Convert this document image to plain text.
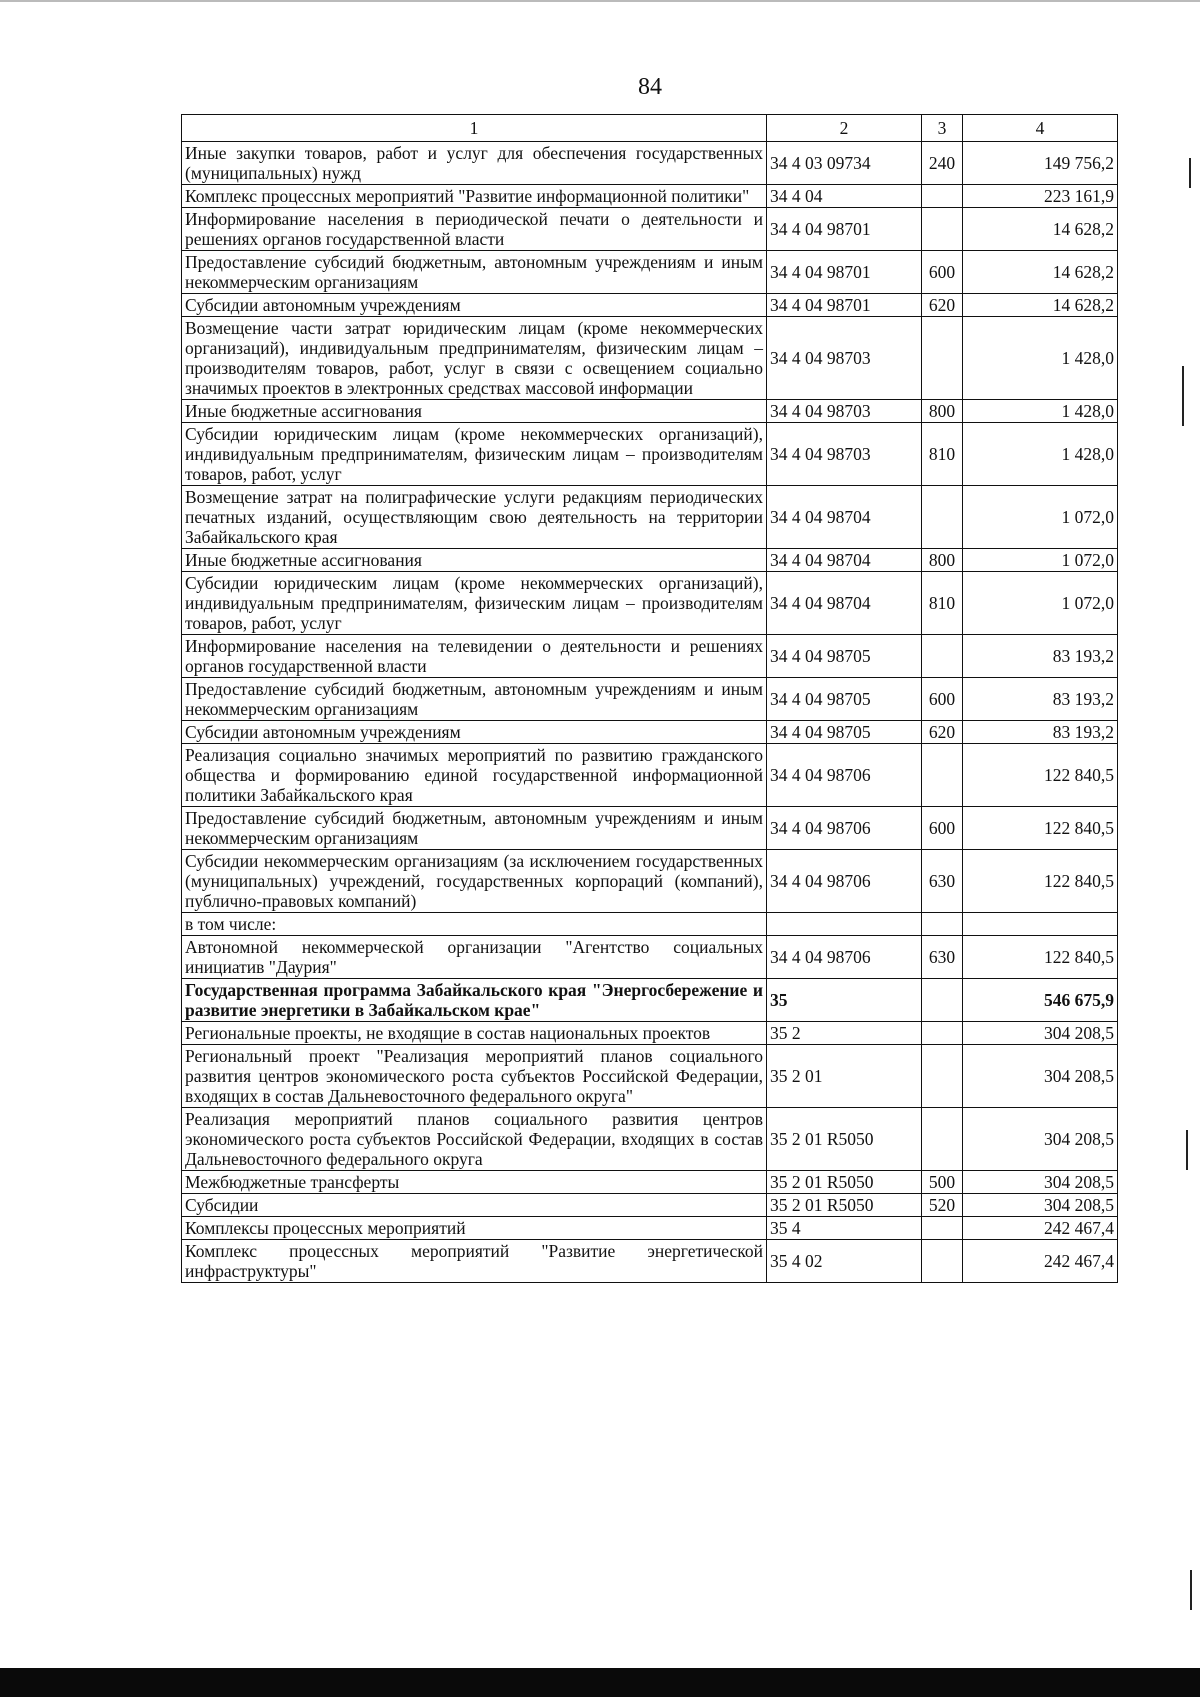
84
1	2	3	4
Иные закупки товаров, работ и услуг для обеспечения государственных (муниципальных) нужд	34 4 03 09734	240	149 756,2
Комплекс процессных мероприятий "Развитие информационной политики"	34 4 04		223 161,9
Информирование населения в периодической печати о деятельности и решениях органов государственной власти	34 4 04 98701		14 628,2
Предоставление субсидий бюджетным, автономным учреждениям и иным некоммерческим организациям	34 4 04 98701	600	14 628,2
Субсидии автономным учреждениям	34 4 04 98701	620	14 628,2
Возмещение части затрат юридическим лицам (кроме некоммерческих организаций), индивидуальным предпринимателям, физическим лицам – производителям товаров, работ, услуг в связи с освещением социально значимых проектов в электронных средствах массовой информации	34 4 04 98703		1 428,0
Иные бюджетные ассигнования	34 4 04 98703	800	1 428,0
Субсидии юридическим лицам (кроме некоммерческих организаций), индивидуальным предпринимателям, физическим лицам – производителям товаров, работ, услуг	34 4 04 98703	810	1 428,0
Возмещение затрат на полиграфические услуги редакциям периодических печатных изданий, осуществляющим свою деятельность на территории Забайкальского края	34 4 04 98704		1 072,0
Иные бюджетные ассигнования	34 4 04 98704	800	1 072,0
Субсидии юридическим лицам (кроме некоммерческих организаций), индивидуальным предпринимателям, физическим лицам – производителям товаров, работ, услуг	34 4 04 98704	810	1 072,0
Информирование населения на телевидении о деятельности и решениях органов государственной власти	34 4 04 98705		83 193,2
Предоставление субсидий бюджетным, автономным учреждениям и иным некоммерческим организациям	34 4 04 98705	600	83 193,2
Субсидии автономным учреждениям	34 4 04 98705	620	83 193,2
Реализация социально значимых мероприятий по развитию гражданского общества и формированию единой государственной информационной политики Забайкальского края	34 4 04 98706		122 840,5
Предоставление субсидий бюджетным, автономным учреждениям и иным некоммерческим организациям	34 4 04 98706	600	122 840,5
Субсидии некоммерческим организациям (за исключением государственных (муниципальных) учреждений, государственных корпораций (компаний), публично-правовых компаний)	34 4 04 98706	630	122 840,5
в том числе:			
Автономной некоммерческой организации "Агентство социальных инициатив "Даурия"	34 4 04 98706	630	122 840,5
Государственная программа Забайкальского края "Энергосбережение и развитие энергетики в Забайкальском крае"	35		546 675,9
Региональные проекты, не входящие в состав национальных проектов	35 2		304 208,5
Региональный проект "Реализация мероприятий планов социального развития центров экономического роста субъектов Российской Федерации, входящих в состав Дальневосточного федерального округа"	35 2 01		304 208,5
Реализация мероприятий планов социального развития центров экономического роста субъектов Российской Федерации, входящих в состав Дальневосточного федерального округа	35 2 01 R5050		304 208,5
Межбюджетные трансферты	35 2 01 R5050	500	304 208,5
Субсидии	35 2 01 R5050	520	304 208,5
Комплексы процессных мероприятий	35 4		242 467,4
Комплекс процессных мероприятий "Развитие энергетической инфраструктуры"	35 4 02		242 467,4
